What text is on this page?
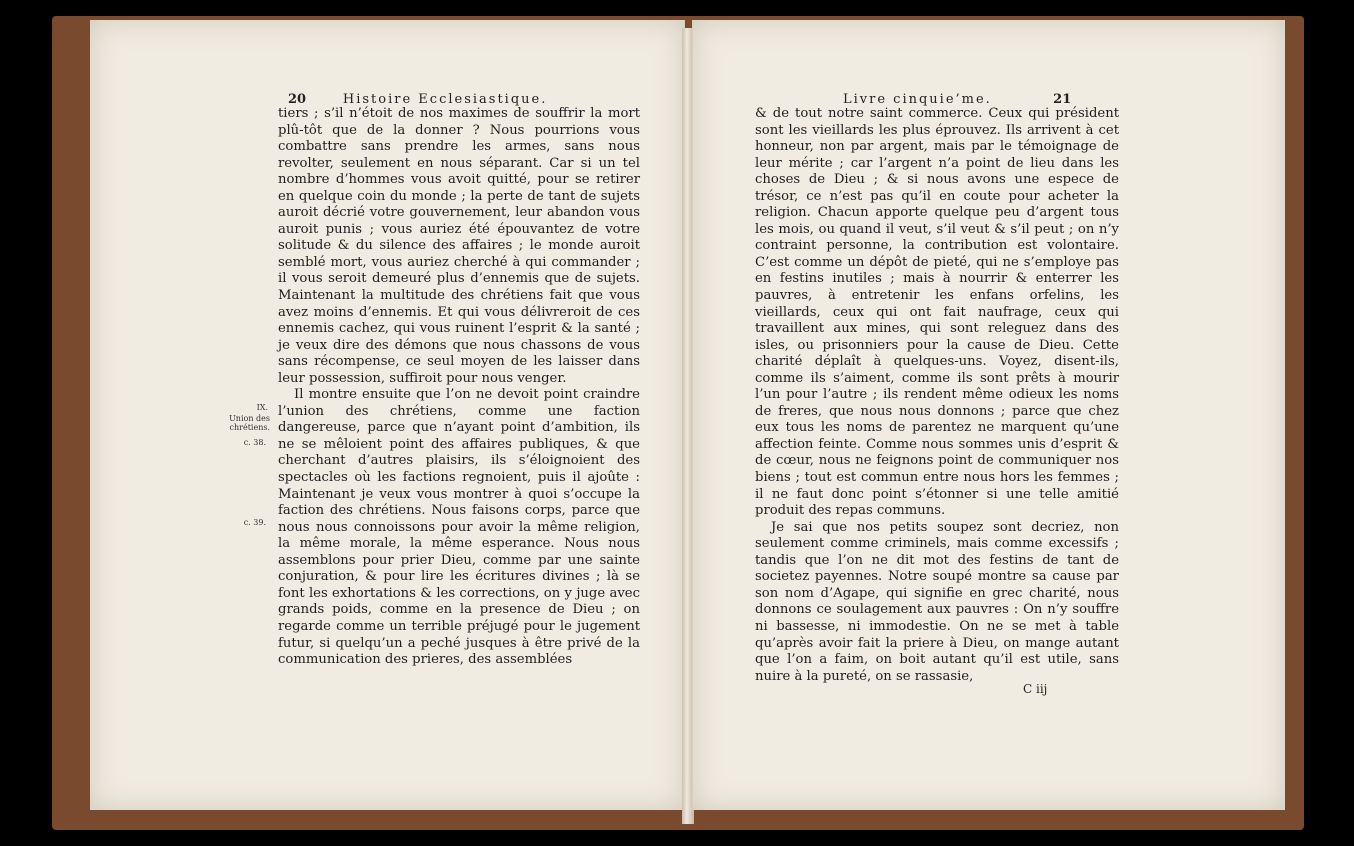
20	Histoire Ecclesiastique.
IX.
Union des chrétiens.
c. 38.
c. 39.

tiers ; s’il n’étoit de nos maximes de souffrir la mort plû-tôt que de la donner ? Nous pourrions vous combattre sans prendre les armes, sans nous revolter, seulement en nous séparant. Car si un tel nombre d’hommes vous avoit quitté, pour se retirer en quelque coin du monde ; la perte de tant de sujets auroit décrié votre gouvernement, leur abandon vous auroit punis ; vous auriez été épouvantez de votre solitude & du silence des affaires ; le monde auroit semblé mort, vous auriez cherché à qui commander ; il vous seroit demeuré plus d’ennemis que de sujets. Maintenant la multitude des chrétiens fait que vous avez moins d’ennemis. Et qui vous délivreroit de ces ennemis cachez, qui vous ruinent l’esprit & la santé ; je veux dire des démons que nous chassons de vous sans récompense, ce seul moyen de les laisser dans leur possession, suffiroit pour nous venger.

Il montre ensuite que l’on ne devoit point craindre l’union des chrétiens, comme une faction dangereuse, parce que n’ayant point d’ambition, ils ne se mêloient point des affaires publiques, & que cherchant d’autres plaisirs, ils s’éloignoient des spectacles où les factions regnoient, puis il ajoûte : Maintenant je veux vous montrer à quoi s’occupe la faction des chrétiens. Nous faisons corps, parce que nous nous connoissons pour avoir la même religion, la même morale, la même esperance. Nous nous assemblons pour prier Dieu, comme par une sainte conjuration, & pour lire les écritures divines ; là se font les exhortations & les corrections, on y juge avec grands poids, comme en la presence de Dieu ; on regarde comme un terrible préjugé pour le jugement futur, si quelqu’un a peché jusques à être privé de la communication des prieres, des assemblées

Livre cinquie’me.	21

& de tout notre saint commerce. Ceux qui président sont les vieillards les plus éprouvez. Ils arrivent à cet honneur, non par argent, mais par le témoignage de leur mérite ; car l’argent n’a point de lieu dans les choses de Dieu ; & si nous avons une espece de trésor, ce n’est pas qu’il en coute pour acheter la religion. Chacun apporte quelque peu d’argent tous les mois, ou quand il veut, s’il veut & s’il peut ; on n’y contraint personne, la contribution est volontaire. C’est comme un dépôt de pieté, qui ne s’employe pas en festins inutiles ; mais à nourrir & enterrer les pauvres, à entretenir les enfans orfelins, les vieillards, ceux qui ont fait naufrage, ceux qui travaillent aux mines, qui sont releguez dans des isles, ou prisonniers pour la cause de Dieu. Cette charité déplaît à quelques-uns. Voyez, disent-ils, comme ils s’aiment, comme ils sont prêts à mourir l’un pour l’autre ; ils rendent même odieux les noms de freres, que nous nous donnons ; parce que chez eux tous les noms de parentez ne marquent qu’une affection feinte. Comme nous sommes unis d’esprit & de cœur, nous ne feignons point de communiquer nos biens ; tout est commun entre nous hors les femmes ; il ne faut donc point s’étonner si une telle amitié produit des repas communs.

Je sai que nos petits soupez sont decriez, non seulement comme criminels, mais comme excessifs ; tandis que l’on ne dit mot des festins de tant de societez payennes. Notre soupé montre sa cause par son nom d’Agape, qui signifie en grec charité, nous donnons ce soulagement aux pauvres : On n’y souffre ni bassesse, ni immodestie. On ne se met à table qu’après avoir fait la priere à Dieu, on mange autant que l’on a faim, on boit autant qu’il est utile, sans nuire à la pureté, on se rassasie,

C iij
